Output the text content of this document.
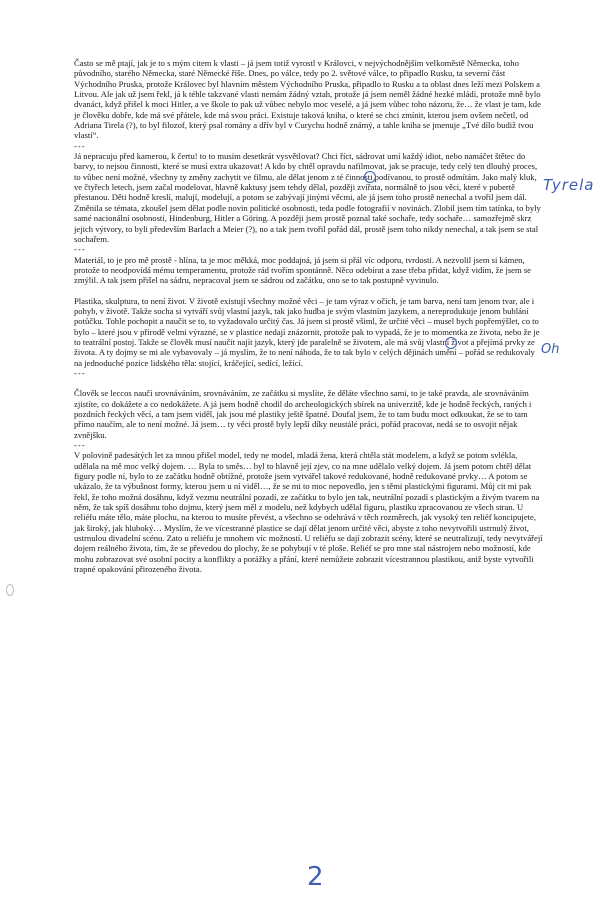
Často se mě ptají, jak je to s mým citem k vlasti – já jsem totiž vyrostl v Královci, v nejvýchodnějším velkoměstě Německa, toho původního, starého Německa, staré Německé říše. Dnes, po válce, tedy po 2. světové válce, to připadlo Rusku, ta severní část Východního Pruska, protože Královec byl hlavním městem Východního Pruska, připadlo to Rusku a ta oblast dnes leží mezi Polskem a Litvou. Ale jak už jsem řekl, já k téhle takzvané vlasti nemám žádný vztah, protože já jsem neměl žádné hezké mládí, protože mně bylo dvanáct, když přišel k moci Hitler, a ve škole to pak už vůbec nebylo moc veselé, a já jsem vůbec toho názoru, že… že vlast je tam, kde je člověku dobře, kde má své přátele, kde má svou práci. Existuje taková kniha, o které se chci zmínit, kterou jsem ovšem nečetl, od Adriana Tirela (?), to byl filozof, který psal romány a dřív byl v Curychu hodně známý, a tahle kniha se jmenuje „Tvé dílo budiž tvou vlastí“.

---

Já nepracuju před kamerou, k čertu! to to musím desetkrát vysvětlovat? Chci říct, sádrovat umí každý idiot, nebo namáčet štětec do barvy, to nejsou činnosti, které se musí extra ukazovat! A kdo by chtěl opravdu nafilmovat, jak se pracuje, tedy celý ten dlouhý proces, to vůbec není možné, všechny ty změny zachytit ve filmu, ale dělat jenom z té činnosti podívanou, to prostě odmítám. Jako malý kluk, ve čtyřech letech, jsem začal modelovat, hlavně kaktusy jsem tehdy dělal, později zvířata, normálně to jsou věci, které v pubertě přestanou. Děti hodně kreslí, malují, modelují, a potom se zabývají jinými věcmi, ale já jsem toho prostě nenechal a tvořil jsem dál. Změnila se témata, zkoušel jsem dělat podle novin politické osobnosti, teda podle fotografií v novinách. Zlobil jsem tím tatínka, to byly samé nacionální osobnosti, Hindenburg, Hitler a Göring. A později jsem prostě poznal také sochaře, tedy sochaře… samozřejmě skrz jejich výtvory, to byli především Barlach a Meier (?), no a tak jsem tvořil pořád dál, prostě jsem toho nikdy nenechal, a tak jsem se stal sochařem.

---

Materiál, to je pro mě prostě - hlína, ta je moc měkká, moc poddajná, já jsem si přál víc odporu, tvrdosti. A nezvolil jsem si kámen, protože to neodpovídá mému temperamentu, protože rád tvořím spontánně. Něco odebírat a zase třeba přidat, když vidím, že jsem se zmýlil. A tak jsem přišel na sádru, nepracoval jsem se sádrou od začátku, ono se to tak postupně vyvinulo.

Plastika, skulptura, to není život. V životě existují všechny možné věci – je tam výraz v očích, je tam barva, není tam jenom tvar, ale i pohyb, v životě. Takže socha si vytváří svůj vlastní jazyk, tak jako hudba je svým vlastním jazykem, a nereprodukuje jenom bublání potůčku. Tohle pochopit a naučit se to, to vyžadovalo určitý čas. Já jsem si prostě všiml, že určité věci – musel bych popřemýšlet, co to bylo – které jsou v přírodě velmi výrazné, se v plastice nedají znázornit, protože pak to vypadá, že je to momentka ze života, nebo že je to teatrální postoj. Takže se člověk musí naučit najít jazyk, který jde paralelně se životem, ale má svůj vlastní život a přejímá prvky ze života. A ty dojmy se mi ale vybavovaly – já myslím, že to není náhoda, že to tak bylo v celých dějinách umění – pořád se redukovaly na jednoduché pozice lidského těla: stojící, kráčející, sedící, ležící.

---

Člověk se leccos naučí srovnáváním, srovnáváním, ze začátku si myslíte, že děláte všechno sami, to je také pravda, ale srovnáváním zjistíte, co dokážete a co nedokážete. A já jsem hodně chodil do archeologických sbírek na univerzitě, kde je hodně řeckých, raných i pozdních řeckých věcí, a tam jsem viděl, jak jsou mé plastiky ještě špatné. Doufal jsem, že to tam budu moct odkoukat, že se to tam přímo naučím, ale to není možné. Já jsem… ty věci prostě byly lepší díky neustálé práci, pořád pracovat, nedá se to osvojit nějak zvnějšku.

---

V polovině padesátých let za mnou přišel model, tedy ne model, mladá žena, která chtěla stát modelem, a když se potom svlékla, udělala na mě moc velký dojem. … Byla to směs… byl to hlavně její zjev, co na mne udělalo velký dojem. Já jsem potom chtěl dělat figury podle ní, bylo to ze začátku hodně obtížné, protože jsem vytvářel takové redukované, hodně redukované prvky… A potom se ukázalo, že ta výbušnost formy, kterou jsem u ní viděl…, že se mi to moc nepovedlo, jen s těmi plastickými figurami. Můj cit mi pak řekl, že toho možná dosáhnu, když vezmu neutrální pozadí, ze začátku to bylo jen tak, neutrální pozadí s plastickým a živým tvarem na něm, že tak spíš dosáhnu toho dojmu, který jsem měl z modelu, než kdybych udělal figuru, plastiku zpracovanou ze všech stran. U reliéfu máte tělo, máte plochu, na kterou to musíte převést, a všechno se odehrává v těch rozměrech, jak vysoký ten reliéf koncipujete, jak široký, jak hluboký… Myslím, že ve vícestranné plastice se dají dělat jenom určité věci, abyste z toho nevytvořili ustrnulý život, ustrnulou divadelní scénu. Zato u reliéfu je mnohem víc možností. U reliéfu se dají zobrazit scény, které se neutralizují, tedy nevytvářejí dojem reálného života, tím, že se převedou do plochy, že se pohybují v té ploše. Reliéf se pro mne stal nástrojem nebo možností, kde mohu zobrazovat své osobní pocity a konflikty a porážky a přání, které nemůžete zobrazit vícestrannou plastikou, aniž byste vytvořili trapné opakování přirozeného života.

Tyrela
Oh
2
